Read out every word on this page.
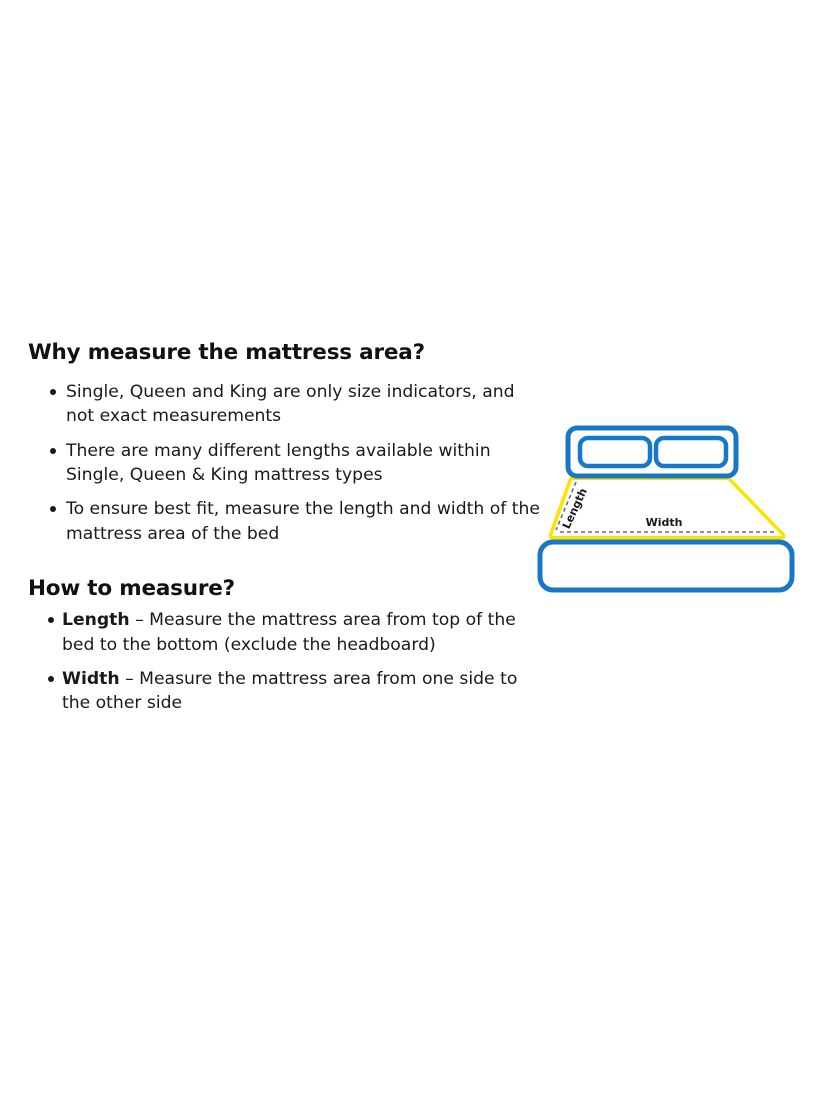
Why measure the mattress area?
Single, Queen and King are only size indicators, and not exact measurements
There are many different lengths available within Single, Queen & King mattress types
To ensure best fit, measure the length and width of the mattress area of the bed
How to measure?
Length – Measure the mattress area from top of the bed to the bottom (exclude the headboard)
Width – Measure the mattress area from one side to the other side
Length	Width
